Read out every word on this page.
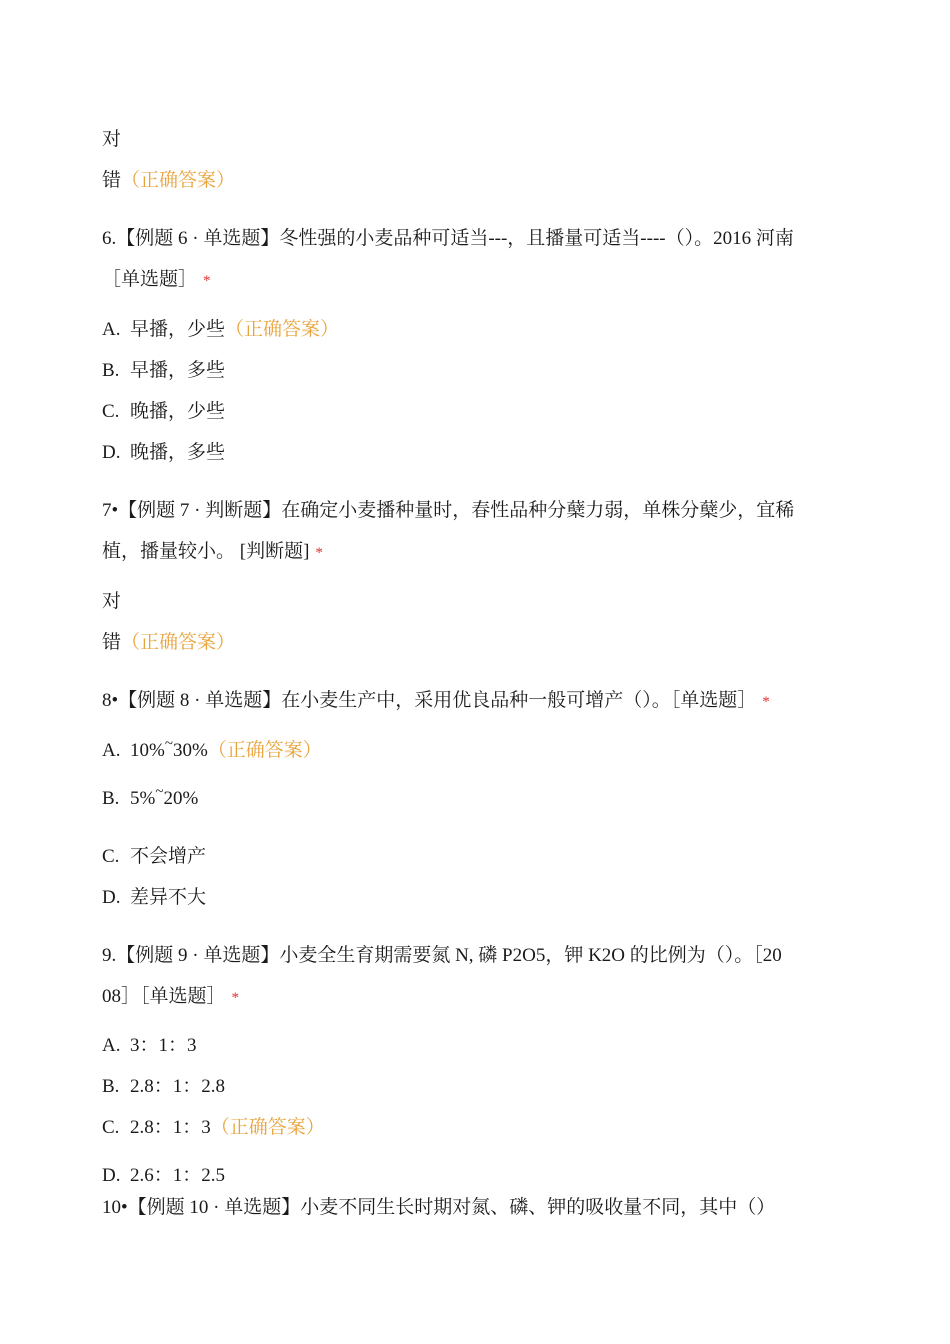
对
错（正确答案）
6.【例题 6 · 单选题】冬性强的小麦品种可适当---，且播量可适当----（）。2016 河南
［单选题］ *
A. 早播，少些（正确答案）
B. 早播，多些
C. 晚播，少些
D. 晚播，多些
7•【例题 7 · 判断题】在确定小麦播种量时，春性品种分蘖力弱，单株分蘖少，宜稀
植，播量较小。 [判断题] *
对
错（正确答案）
8•【例题 8 · 单选题】在小麦生产中，采用优良品种一般可增产（）。［单选题］ *
A. 10%~30%（正确答案）
B. 5%~20%
C. 不会增产
D. 差异不大
9.【例题 9 · 单选题】小麦全生育期需要氮 N, 磷 P2O5，钾 K2O 的比例为（）。［20
08］［单选题］ *
A. 3：1：3
B. 2.8：1：2.8
C. 2.8：1：3（正确答案）
D. 2.6：1：2.5
10•【例题 10 · 单选题】小麦不同生长时期对氮、磷、钾的吸收量不同，其中（）
